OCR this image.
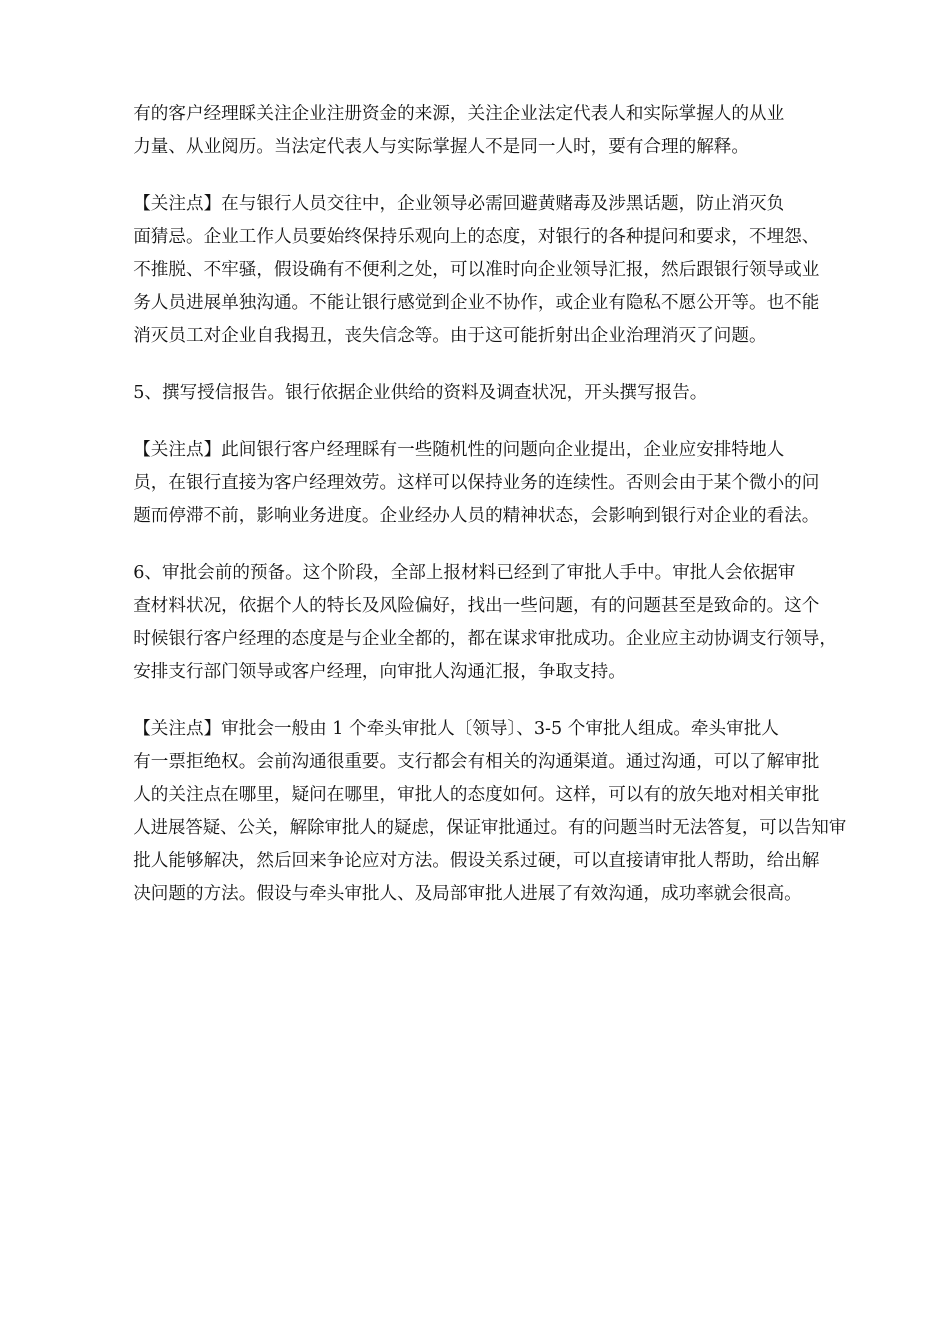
有的客户经理睬关注企业注册资金的来源，关注企业法定代表人和实际掌握人的从业
力量、从业阅历。当法定代表人与实际掌握人不是同一人时，要有合理的解释。

【关注点】在与银行人员交往中，企业领导必需回避黄赌毒及涉黑话题，防止消灭负
面猜忌。企业工作人员要始终保持乐观向上的态度，对银行的各种提问和要求，不埋怨、
不推脱、不牢骚，假设确有不便利之处，可以准时向企业领导汇报，然后跟银行领导或业
务人员进展单独沟通。不能让银行感觉到企业不协作，或企业有隐私不愿公开等。也不能
消灭员工对企业自我揭丑，丧失信念等。由于这可能折射出企业治理消灭了问题。

5、撰写授信报告。银行依据企业供给的资料及调查状况，开头撰写报告。

【关注点】此间银行客户经理睬有一些随机性的问题向企业提出，企业应安排特地人
员，在银行直接为客户经理效劳。这样可以保持业务的连续性。否则会由于某个微小的问
题而停滞不前，影响业务进度。企业经办人员的精神状态，会影响到银行对企业的看法。

6、审批会前的预备。这个阶段，全部上报材料已经到了审批人手中。审批人会依据审
查材料状况，依据个人的特长及风险偏好，找出一些问题，有的问题甚至是致命的。这个
时候银行客户经理的态度是与企业全都的，都在谋求审批成功。企业应主动协调支行领导，
安排支行部门领导或客户经理，向审批人沟通汇报，争取支持。

【关注点】审批会一般由 1 个牵头审批人〔领导〕、3-5 个审批人组成。牵头审批人
有一票拒绝权。会前沟通很重要。支行都会有相关的沟通渠道。通过沟通，可以了解审批
人的关注点在哪里，疑问在哪里，审批人的态度如何。这样，可以有的放矢地对相关审批
人进展答疑、公关，解除审批人的疑虑，保证审批通过。有的问题当时无法答复，可以告知审
批人能够解决，然后回来争论应对方法。假设关系过硬，可以直接请审批人帮助，给出解
决问题的方法。假设与牵头审批人、及局部审批人进展了有效沟通，成功率就会很高。
